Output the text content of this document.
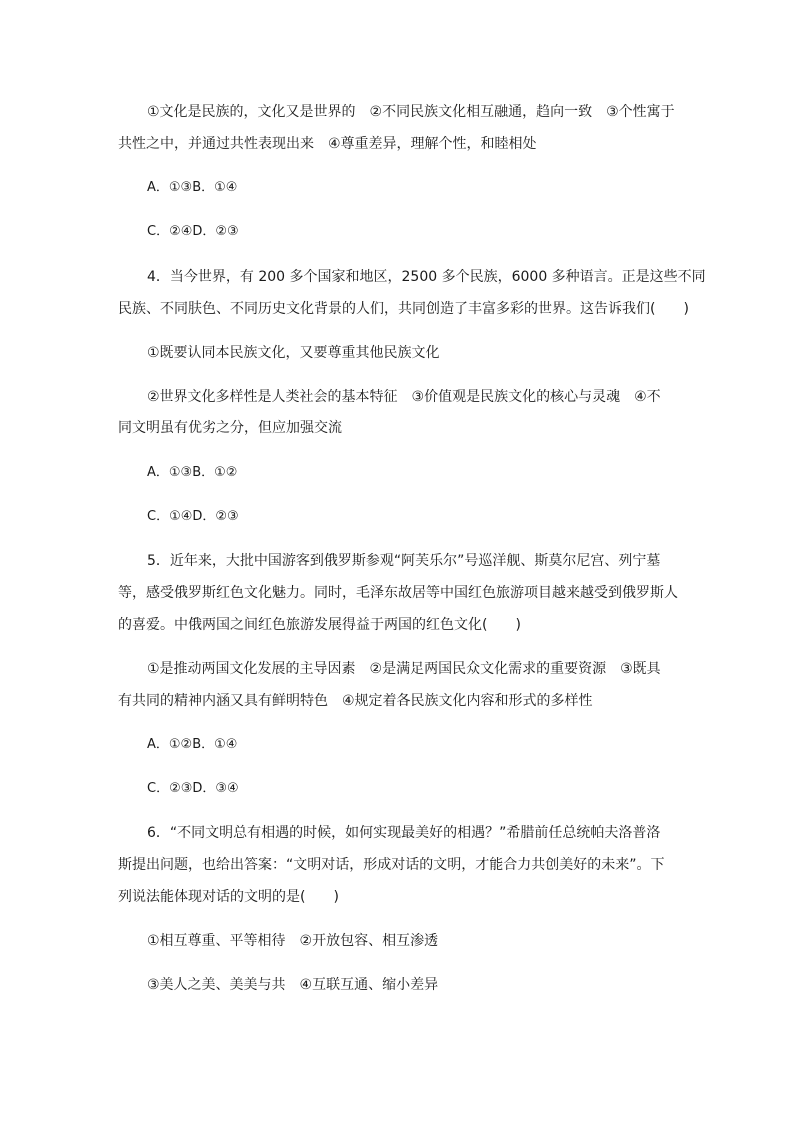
①文化是民族的，文化又是世界的　②不同民族文化相互融通，趋向一致　③个性寓于
共性之中，并通过共性表现出来　④尊重差异，理解个性，和睦相处
A．①③B．①④
C．②④D．②③
4．当今世界，有 200 多个国家和地区，2500 多个民族，6000 多种语言。正是这些不同
民族、不同肤色、不同历史文化背景的人们，共同创造了丰富多彩的世界。这告诉我们(　　)
①既要认同本民族文化，又要尊重其他民族文化
②世界文化多样性是人类社会的基本特征　③价值观是民族文化的核心与灵魂　④不
同文明虽有优劣之分，但应加强交流
A．①③B．①②
C．①④D．②③
5．近年来，大批中国游客到俄罗斯参观“阿芙乐尔”号巡洋舰、斯莫尔尼宫、列宁墓
等，感受俄罗斯红色文化魅力。同时，毛泽东故居等中国红色旅游项目越来越受到俄罗斯人
的喜爱。中俄两国之间红色旅游发展得益于两国的红色文化(　　)
①是推动两国文化发展的主导因素　②是满足两国民众文化需求的重要资源　③既具
有共同的精神内涵又具有鲜明特色　④规定着各民族文化内容和形式的多样性
A．①②B．①④
C．②③D．③④
6．“不同文明总有相遇的时候，如何实现最美好的相遇？”希腊前任总统帕夫洛普洛
斯提出问题，也给出答案：“文明对话，形成对话的文明，才能合力共创美好的未来”。下
列说法能体现对话的文明的是(　　)
①相互尊重、平等相待　②开放包容、相互渗透
③美人之美、美美与共　④互联互通、缩小差异
